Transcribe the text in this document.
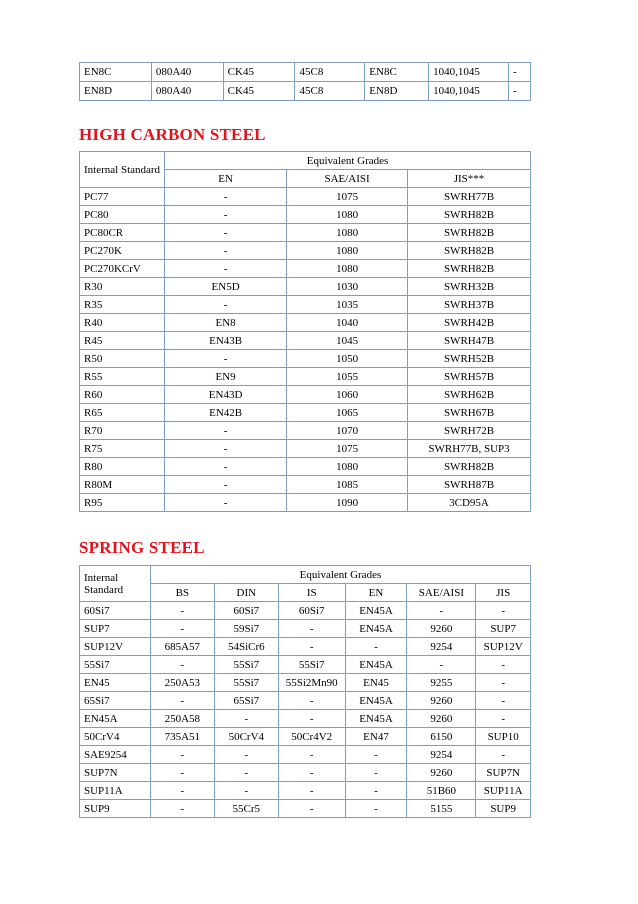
EN8C	080A40	CK45	45C8	EN8C	1040,1045	-
EN8D	080A40	CK45	45C8	EN8D	1040,1045	-
HIGH CARBON STEEL
Internal Standard	Equivalent Grades		
	EN	SAE/AISI	JIS***
PC77	-	1075	SWRH77B
PC80	-	1080	SWRH82B
PC80CR	-	1080	SWRH82B
PC270K	-	1080	SWRH82B
PC270KCrV	-	1080	SWRH82B
R30	EN5D	1030	SWRH32B
R35	-	1035	SWRH37B
R40	EN8	1040	SWRH42B
R45	EN43B	1045	SWRH47B
R50	-	1050	SWRH52B
R55	EN9	1055	SWRH57B
R60	EN43D	1060	SWRH62B
R65	EN42B	1065	SWRH67B
R70	-	1070	SWRH72B
R75	-	1075	SWRH77B, SUP3
R80	-	1080	SWRH82B
R80M	-	1085	SWRH87B
R95	-	1090	3CD95A
SPRING STEEL
Internal
Standard	Equivalent Grades					
	BS	DIN	IS	EN	SAE/AISI	JIS
60Si7	-	60Si7	60Si7	EN45A	-	-
SUP7	-	59Si7	-	EN45A	9260	SUP7
SUP12V	685A57	54SiCr6	-	-	9254	SUP12V
55Si7	-	55Si7	55Si7	EN45A	-	-
EN45	250A53	55Si7	55Si2Mn90	EN45	9255	-
65Si7	-	65Si7	-	EN45A	9260	-
EN45A	250A58	-	-	EN45A	9260	-
50CrV4	735A51	50CrV4	50Cr4V2	EN47	6150	SUP10
SAE9254	-	-	-	-	9254	-
SUP7N	-	-	-	-	9260	SUP7N
SUP11A	-	-	-	-	51B60	SUP11A
SUP9	-	55Cr5	-	-	5155	SUP9
